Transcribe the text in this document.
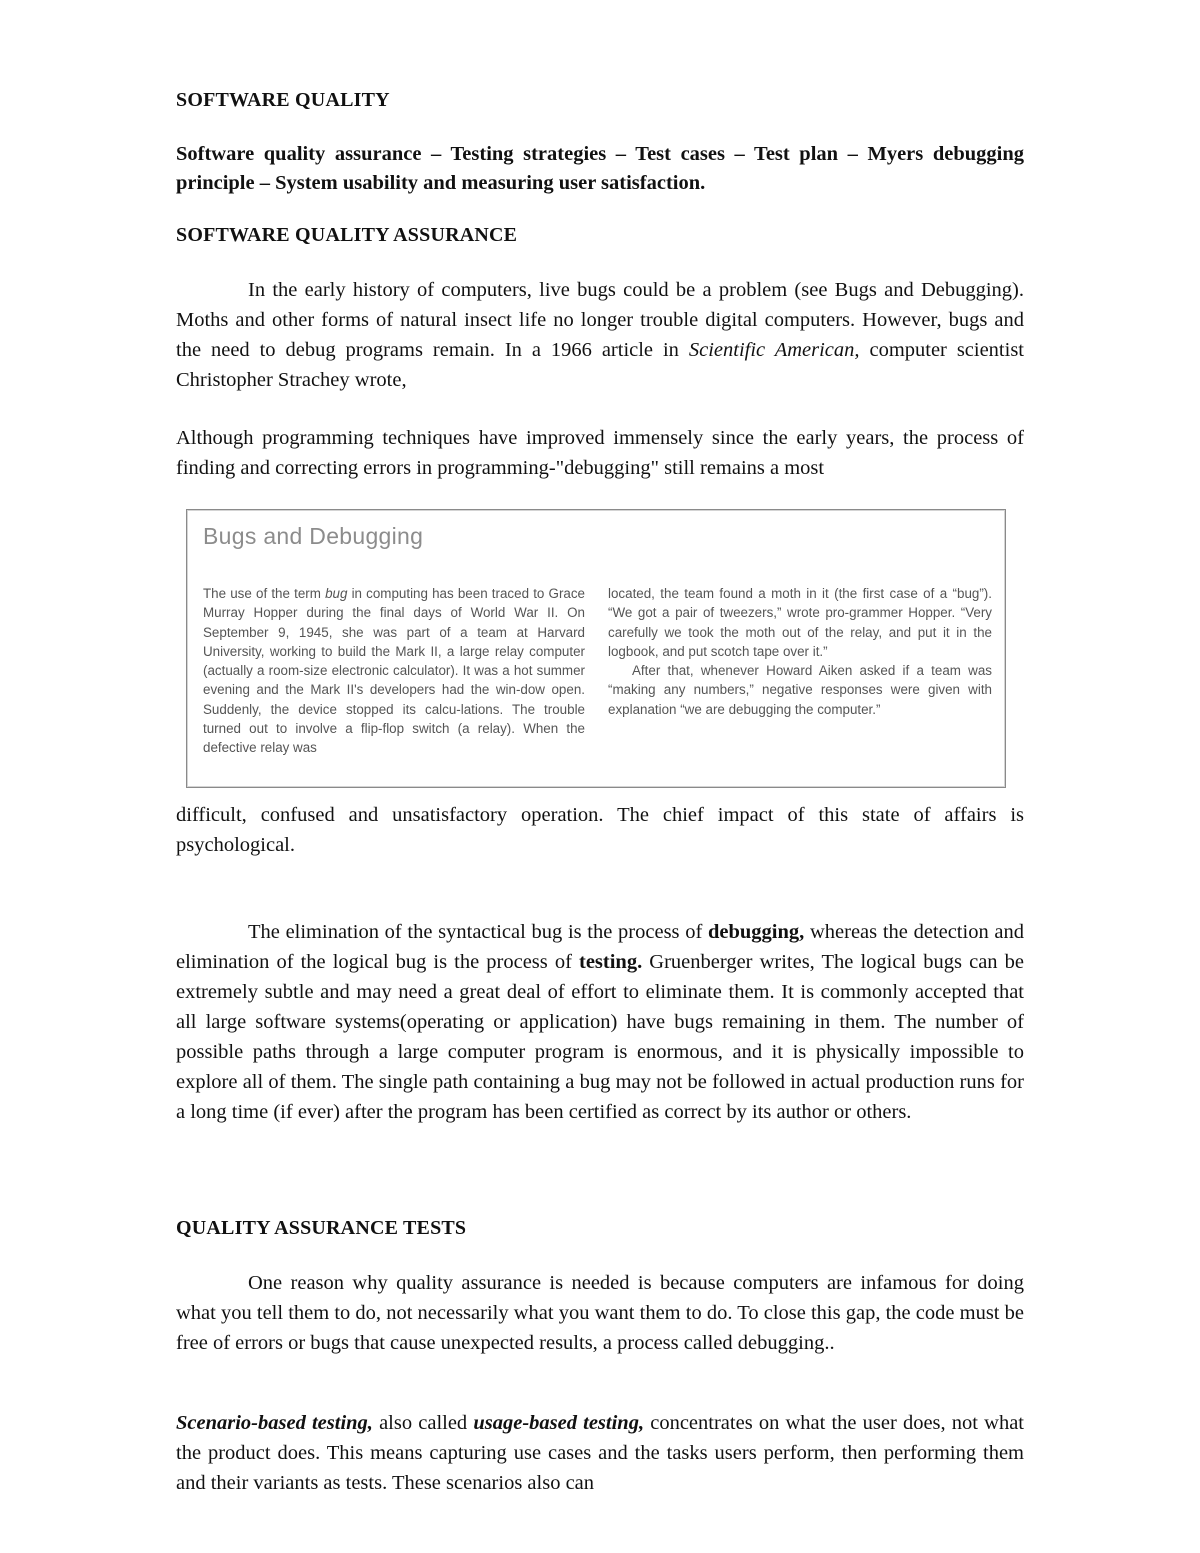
SOFTWARE QUALITY

Software quality assurance – Testing strategies – Test cases – Test plan – Myers debugging principle – System usability and measuring user satisfaction.

SOFTWARE QUALITY ASSURANCE

In the early history of computers, live bugs could be a problem (see Bugs and Debugging). Moths and other forms of natural insect life no longer trouble digital computers. However, bugs and the need to debug programs remain. In a 1966 article in Scientific American, computer scientist Christopher Strachey wrote,

Although programming techniques have improved immensely since the early years, the process of finding and correcting errors in programming-"debugging" still remains a most

Bugs and Debugging

The use of the term bug in computing has been traced to Grace Murray Hopper during the final days of World War II. On September 9, 1945, she was part of a team at Harvard University, working to build the Mark II, a large relay computer (actually a room-size electronic calculator). It was a hot summer evening and the Mark II's developers had the win-dow open. Suddenly, the device stopped its calcu-lations. The trouble turned out to involve a flip-flop switch (a relay). When the defective relay was

located, the team found a moth in it (the first case of a “bug”). “We got a pair of tweezers,” wrote pro-grammer Hopper. “Very carefully we took the moth out of the relay, and put it in the logbook, and put scotch tape over it.”

After that, whenever Howard Aiken asked if a team was “making any numbers,” negative responses were given with explanation “we are debugging the computer.”

difficult, confused and unsatisfactory operation. The chief impact of this state of affairs is psychological.

The elimination of the syntactical bug is the process of debugging, whereas the detection and elimination of the logical bug is the process of testing. Gruenberger writes, The logical bugs can be extremely subtle and may need a great deal of effort to eliminate them. It is commonly accepted that all large software systems(operating or application) have bugs remaining in them. The number of possible paths through a large computer program is enormous, and it is physically impossible to explore all of them. The single path containing a bug may not be followed in actual production runs for a long time (if ever) after the program has been certified as correct by its author or others.

QUALITY ASSURANCE TESTS

One reason why quality assurance is needed is because computers are infamous for doing what you tell them to do, not necessarily what you want them to do. To close this gap, the code must be free of errors or bugs that cause unexpected results, a process called debugging..

Scenario-based testing, also called usage-based testing, concentrates on what the user does, not what the product does. This means capturing use cases and the tasks users perform, then performing them and their variants as tests. These scenarios also can
